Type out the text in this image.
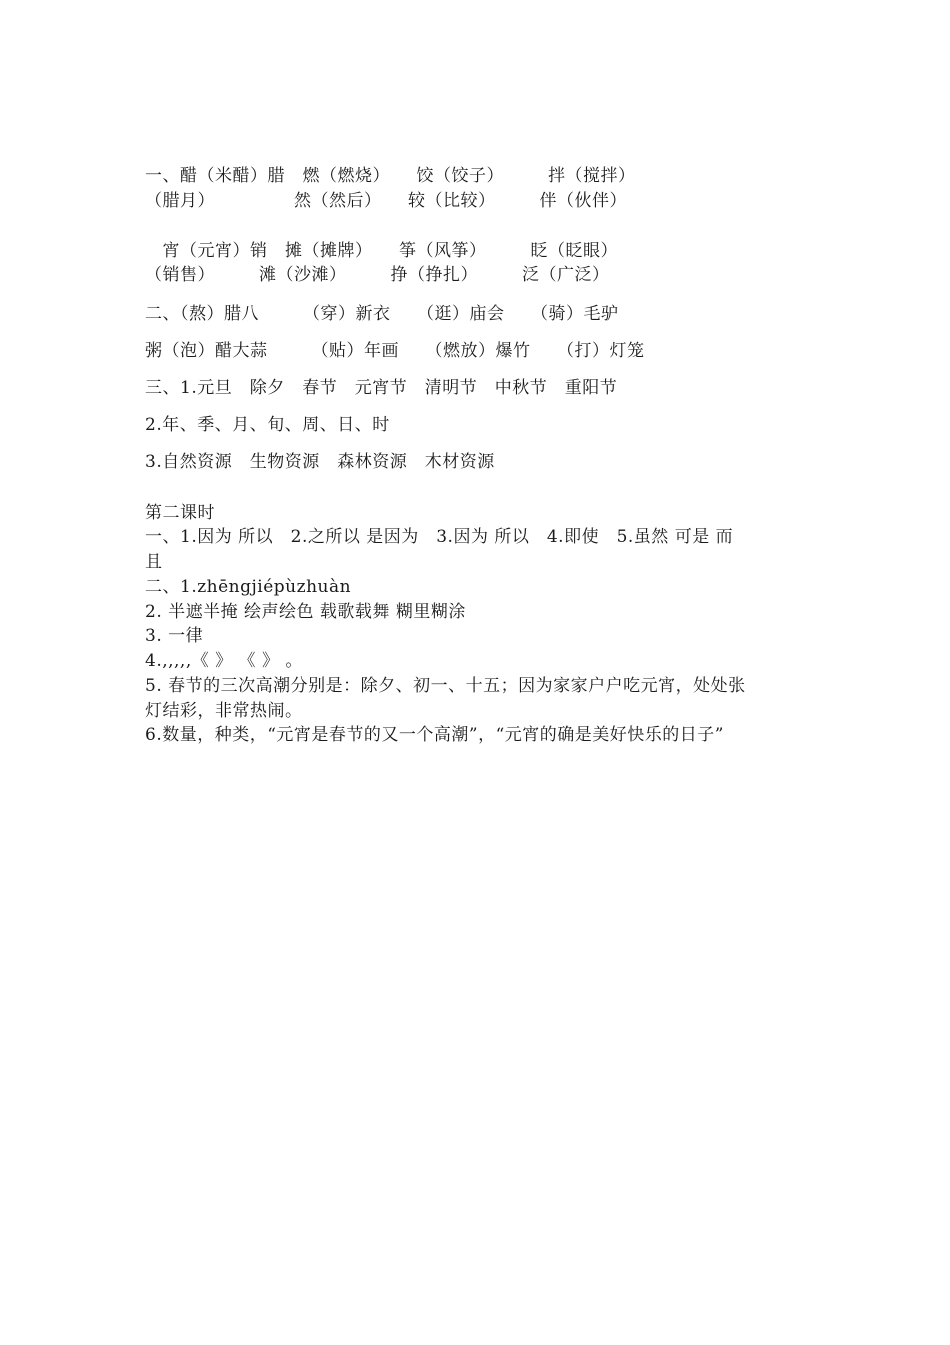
一、醋（米醋）腊　燃（燃烧）　　饺（饺子）　　　拌（搅拌）
（腊月）　　　　　然（然后）　　较（比较）　　　伴（伙伴）
　宵（元宵）销　摊（摊牌）　　筝（风筝）　　　眨（眨眼）
（销售）　　　滩（沙滩）　　　挣（挣扎）　　　泛（广泛）
二、（熬）腊八　　　（穿）新衣　　（逛）庙会　　（骑）毛驴
粥（泡）醋大蒜　　　（贴）年画　　（燃放）爆竹　　（打）灯笼
三、1.元旦　除夕　春节　元宵节　清明节　中秋节　重阳节
2.年、季、月、旬、周、日、时
3.自然资源　生物资源　森林资源　木材资源
第二课时
一、1.因为 所以　2.之所以 是因为　3.因为 所以　4.即使　5.虽然 可是 而
且
二、1.zhēngjiépùzhuàn
2. 半遮半掩 绘声绘色 载歌载舞 糊里糊涂
3. 一律
4.,,,,,《 》 《 》 。
5. 春节的三次高潮分别是：除夕、初一、十五；因为家家户户吃元宵，处处张
灯结彩，非常热闹。
6.数量，种类，“元宵是春节的又一个高潮”，“元宵的确是美好快乐的日子”
